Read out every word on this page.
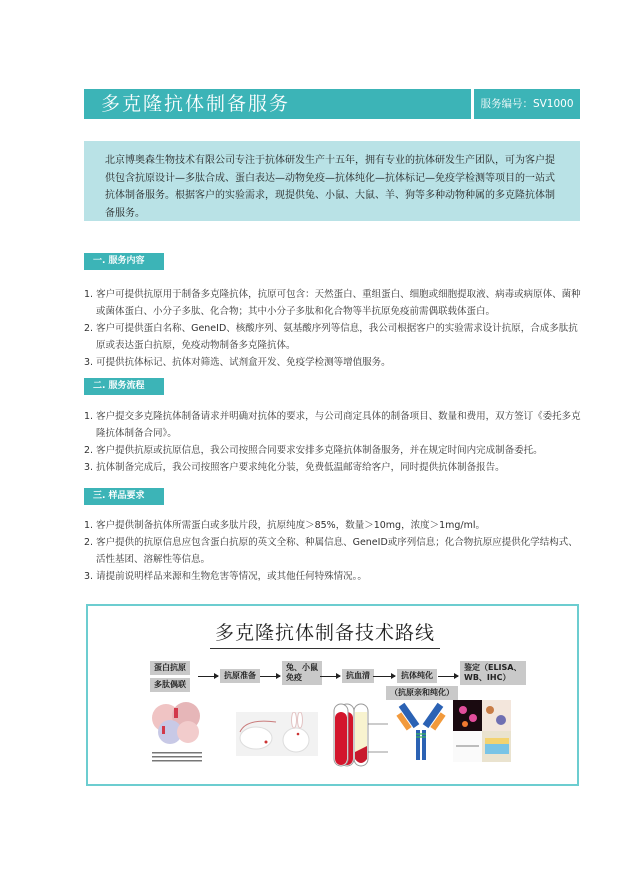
多克隆抗体制备服务	服务编号：SV1000
北京博奥森生物技术有限公司专注于抗体研发生产十五年，拥有专业的抗体研发生产团队，可为客户提供包含抗原设计—多肽合成、蛋白表达—动物免疫—抗体纯化—抗体标记—免疫学检测等项目的一站式抗体制备服务。根据客户的实验需求，现提供兔、小鼠、大鼠、羊、狗等多种动物种属的多克隆抗体制备服务。
一. 服务内容
1. 客户可提供抗原用于制备多克隆抗体，抗原可包含：天然蛋白、重组蛋白、细胞或细胞提取液、病毒或病原体、菌种或菌体蛋白、小分子多肽、化合物；其中小分子多肽和化合物等半抗原免疫前需偶联载体蛋白。
2. 客户可提供蛋白名称、GeneID、核酸序列、氨基酸序列等信息，我公司根据客户的实验需求设计抗原，合成多肽抗原或表达蛋白抗原，免疫动物制备多克隆抗体。
3. 可提供抗体标记、抗体对筛选、试剂盒开发、免疫学检测等增值服务。
二. 服务流程
1. 客户提交多克隆抗体制备请求并明确对抗体的要求，与公司商定具体的制备项目、数量和费用，双方签订《委托多克隆抗体制备合同》。
2. 客户提供抗原或抗原信息，我公司按照合同要求安排多克隆抗体制备服务，并在规定时间内完成制备委托。
3. 抗体制备完成后，我公司按照客户要求纯化分装，免费低温邮寄给客户，同时提供抗体制备报告。
三. 样品要求
1. 客户提供制备抗体所需蛋白或多肽片段，抗原纯度＞85%，数量＞10mg，浓度＞1mg/ml。
2. 客户提供的抗原信息应包含蛋白抗原的英文全称、种属信息、GeneID或序列信息；化合物抗原应提供化学结构式、活性基团、溶解性等信息。
3. 请提前说明样品来源和生物危害等情况，或其他任何特殊情况。。
多克隆抗体制备技术路线
蛋白抗原
多肽偶联
抗原准备
兔、小鼠
免疫	抗血清	抗体纯化
（抗原亲和纯化）
鉴定（ELISA、
WB、IHC）
